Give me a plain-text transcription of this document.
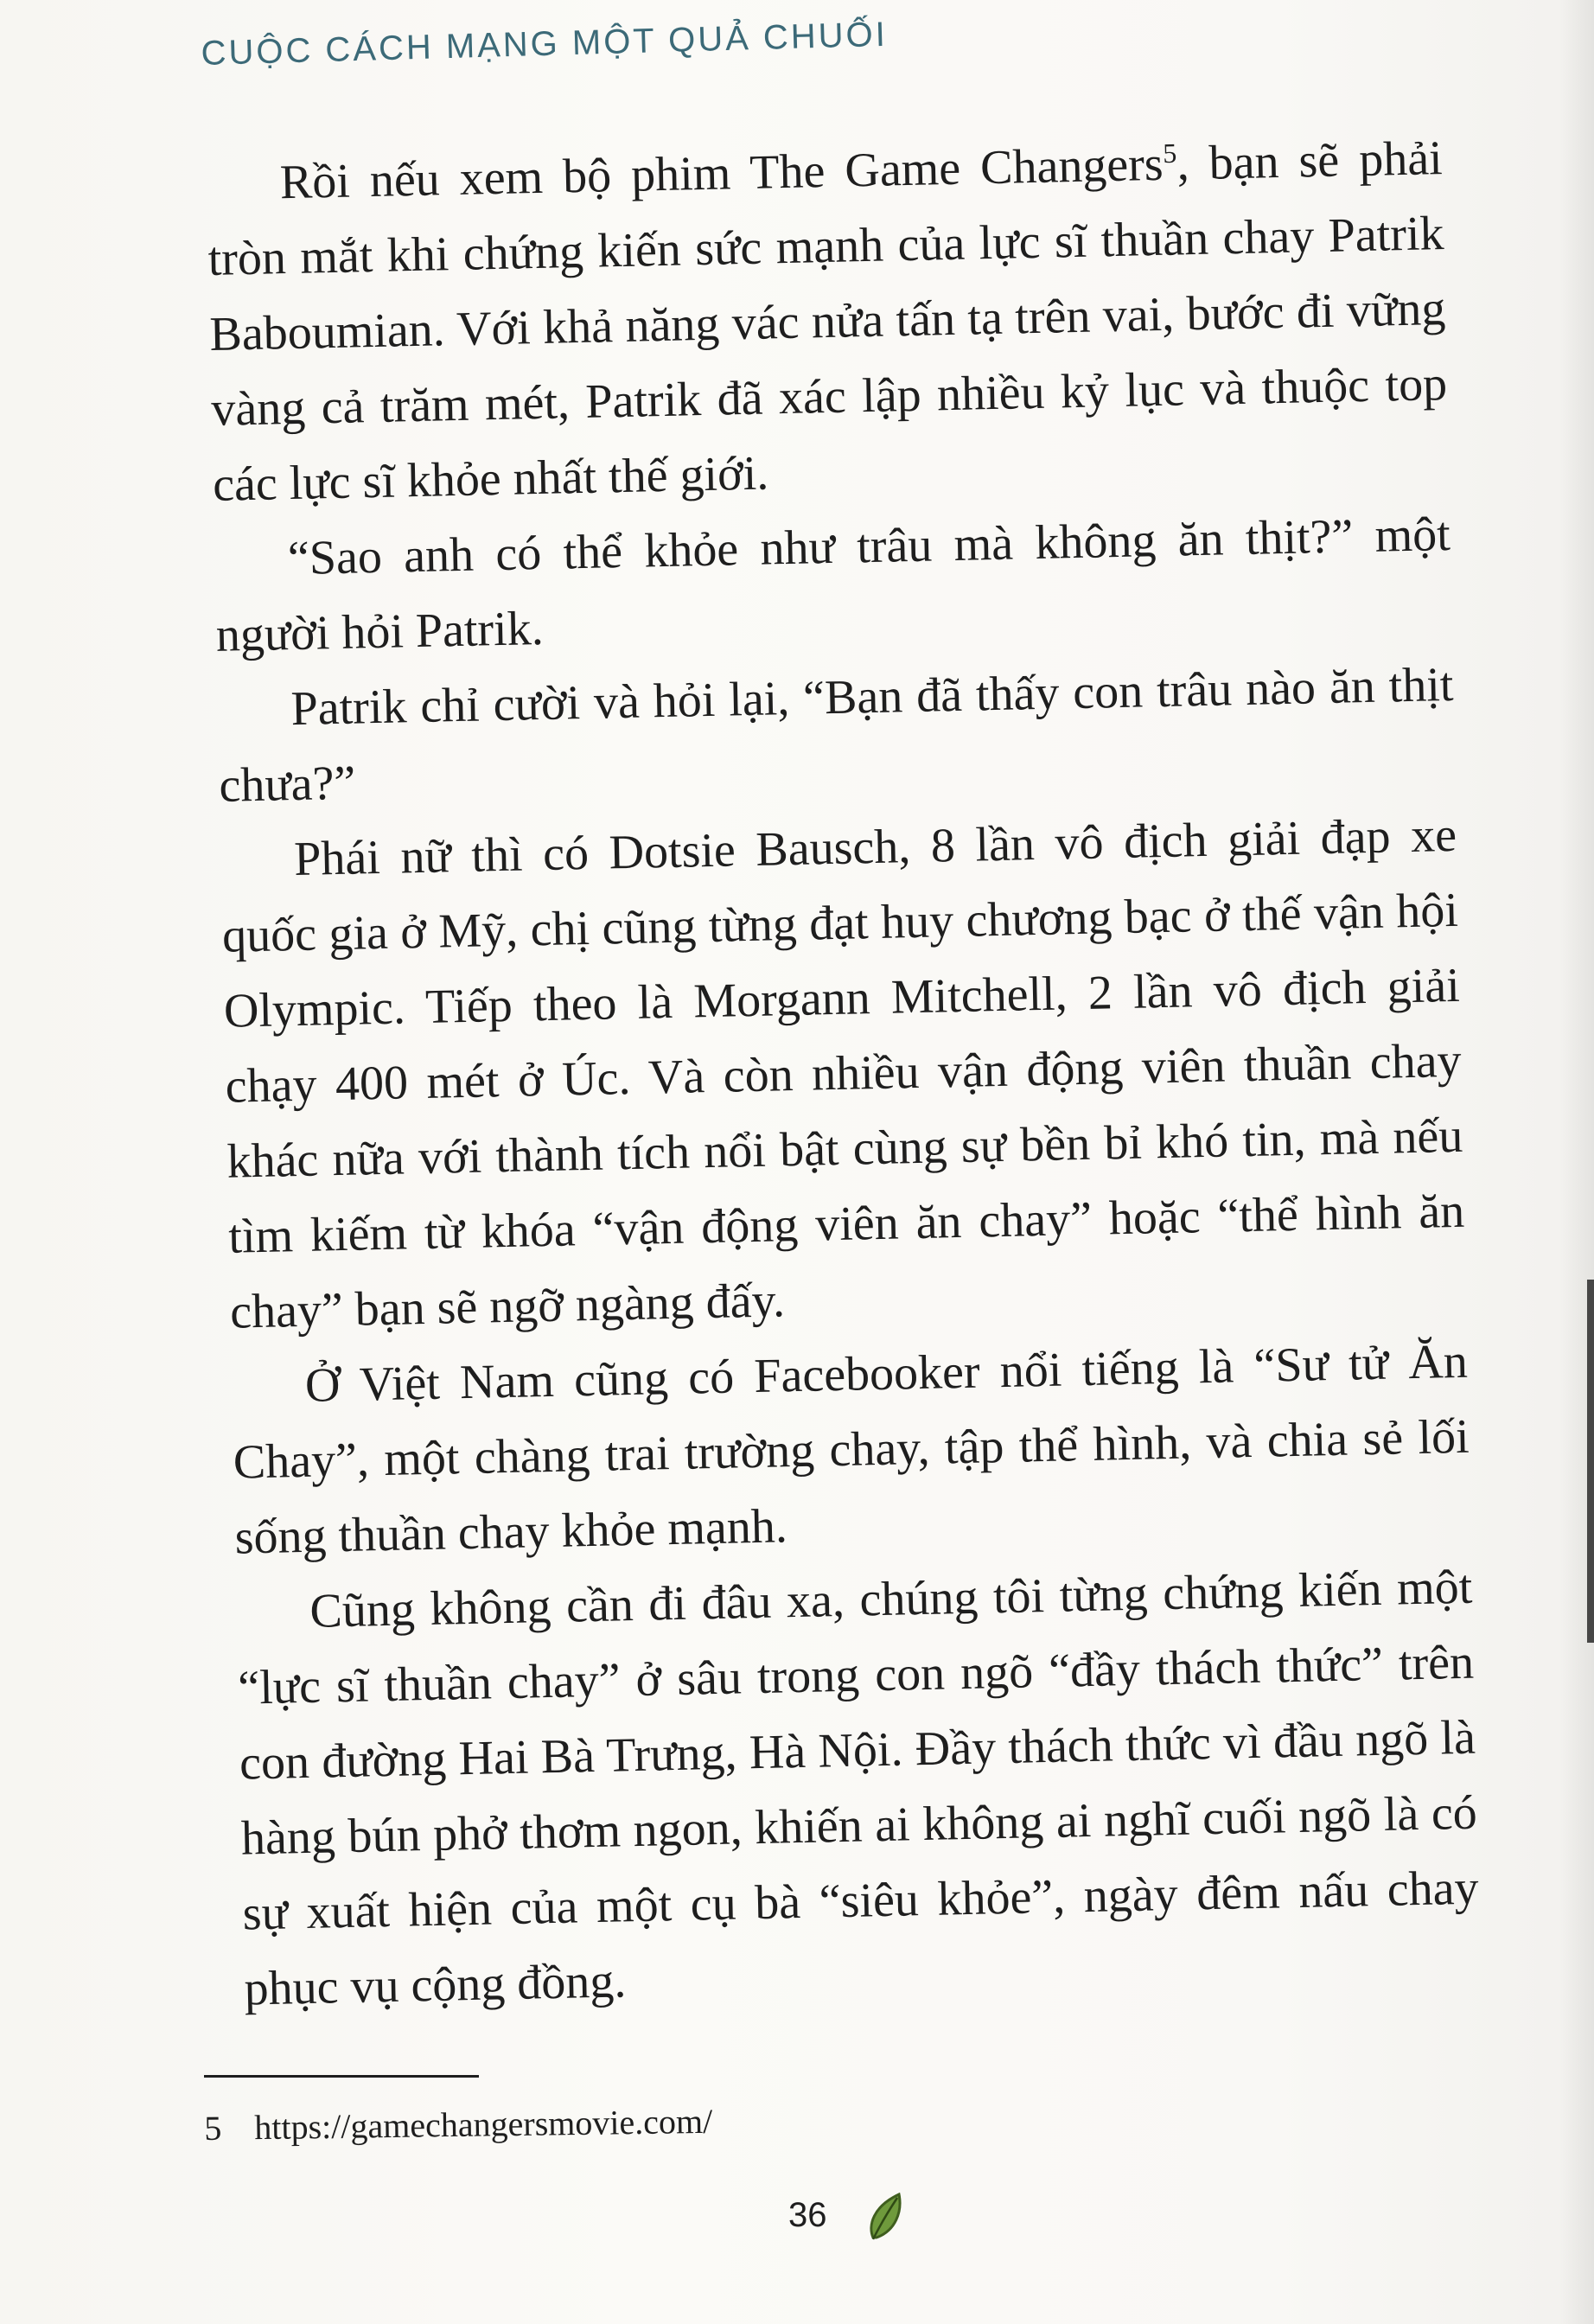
CUỘC CÁCH MẠNG MỘT QUẢ CHUỐI

Rồi nếu xem bộ phim The Game Changers$^5$, bạn sẽ phải tròn mắt khi chứng kiến sức mạnh của lực sĩ thuần chay Patrik Baboumian. Với khả năng vác nửa tấn tạ trên vai, bước đi vững vàng cả trăm mét, Patrik đã xác lập nhiều kỷ lục và thuộc top các lực sĩ khỏe nhất thế giới.

“Sao anh có thể khỏe như trâu mà không ăn thịt?” một người hỏi Patrik.

Patrik chỉ cười và hỏi lại, “Bạn đã thấy con trâu nào ăn thịt chưa?”

Phái nữ thì có Dotsie Bausch, 8 lần vô địch giải đạp xe quốc gia ở Mỹ, chị cũng từng đạt huy chương bạc ở thế vận hội Olympic. Tiếp theo là Morgann Mitchell, 2 lần vô địch giải chạy 400 mét ở Úc. Và còn nhiều vận động viên thuần chay khác nữa với thành tích nổi bật cùng sự bền bỉ khó tin, mà nếu tìm kiếm từ khóa “vận động viên ăn chay” hoặc “thể hình ăn chay” bạn sẽ ngỡ ngàng đấy.

Ở Việt Nam cũng có Facebooker nổi tiếng là “Sư tử Ăn Chay”, một chàng trai trường chay, tập thể hình, và chia sẻ lối sống thuần chay khỏe mạnh.

Cũng không cần đi đâu xa, chúng tôi từng chứng kiến một “lực sĩ thuần chay” ở sâu trong con ngõ “đầy thách thức” trên con đường Hai Bà Trưng, Hà Nội. Đầy thách thức vì đầu ngõ là hàng bún phở thơm ngon, khiến ai không ai nghĩ cuối ngõ là có sự xuất hiện của một cụ bà “siêu khỏe”, ngày đêm nấu chay phục vụ cộng đồng.

5 https://gamechangersmovie.com/
36
